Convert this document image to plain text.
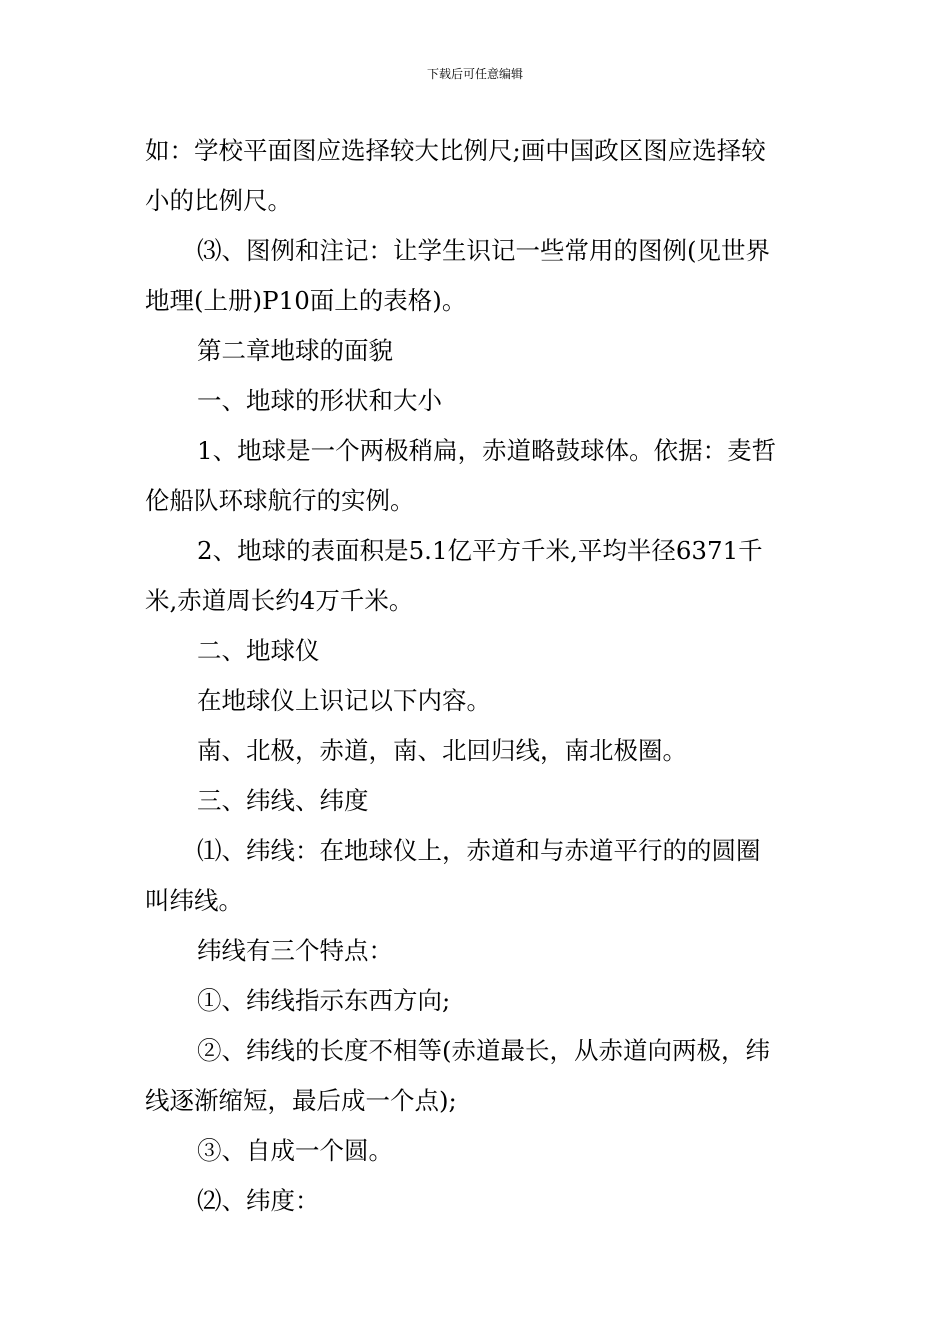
下载后可任意编辑

如：学校平面图应选择较大比例尺;画中国政区图应选择较

小的比例尺。

⑶、图例和注记：让学生识记一些常用的图例(见世界

地理(上册)P10面上的表格)。

第二章地球的面貌

一、地球的形状和大小

1、地球是一个两极稍扁，赤道略鼓球体。依据：麦哲

伦船队环球航行的实例。

2、地球的表面积是5.1亿平方千米,平均半径6371千

米,赤道周长约4万千米。

二、地球仪

在地球仪上识记以下内容。

南、北极，赤道，南、北回归线，南北极圈。

三、纬线、纬度

⑴、纬线：在地球仪上，赤道和与赤道平行的的圆圈

叫纬线。

纬线有三个特点：

①、纬线指示东西方向;

②、纬线的长度不相等(赤道最长，从赤道向两极，纬

线逐渐缩短，最后成一个点);

③、自成一个圆。

⑵、纬度：
